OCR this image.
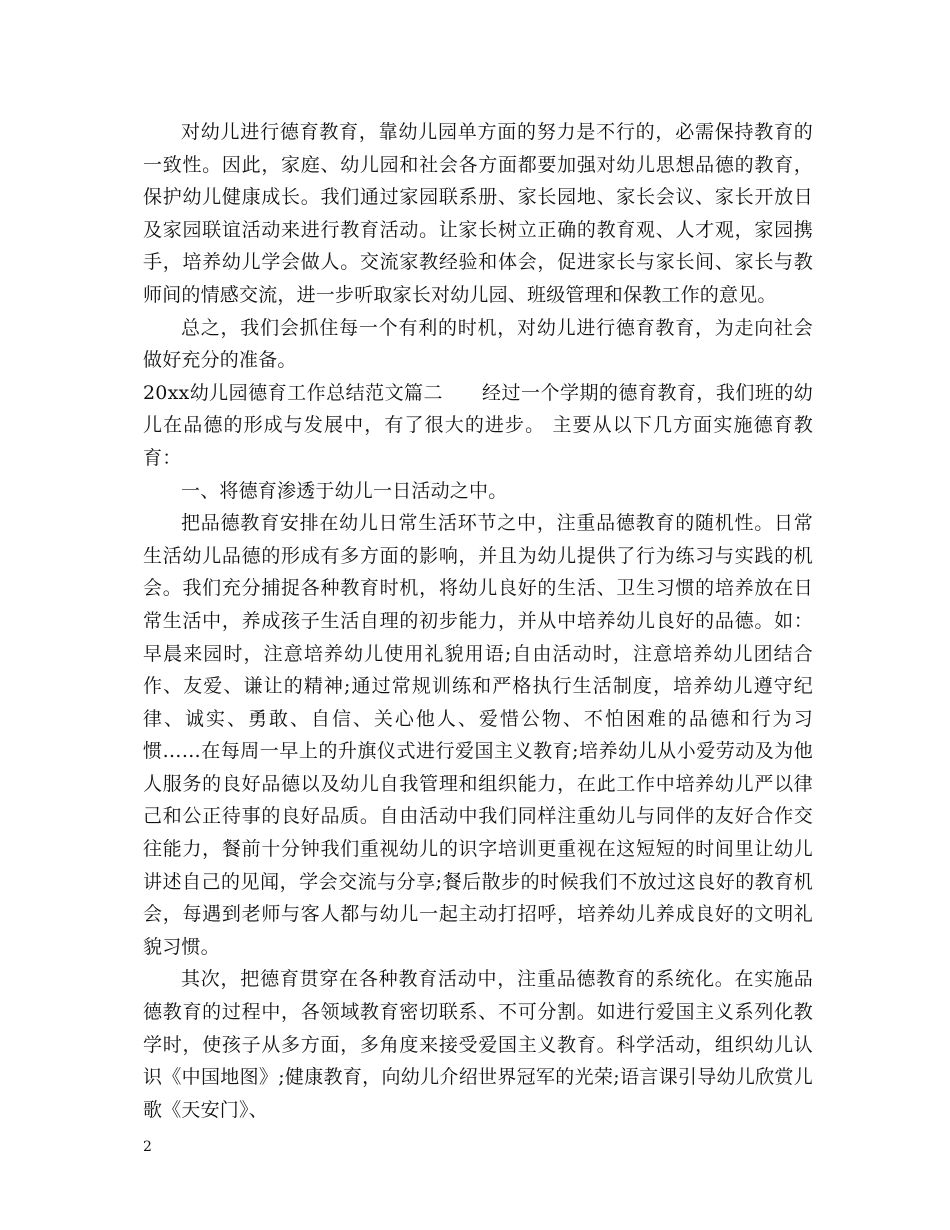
对幼儿进行德育教育，靠幼儿园单方面的努力是不行的，必需保持教育的一致性。因此，家庭、幼儿园和社会各方面都要加强对幼儿思想品德的教育，保护幼儿健康成长。我们通过家园联系册、家长园地、家长会议、家长开放日及家园联谊活动来进行教育活动。让家长树立正确的教育观、人才观，家园携手，培养幼儿学会做人。交流家教经验和体会，促进家长与家长间、家长与教师间的情感交流，进一步听取家长对幼儿园、班级管理和保教工作的意见。

总之，我们会抓住每一个有利的时机，对幼儿进行德育教育，为走向社会做好充分的准备。

20xx幼儿园德育工作总结范文篇二　　经过一个学期的德育教育，我们班的幼儿在品德的形成与发展中，有了很大的进步。 主要从以下几方面实施德育教育：

一、将德育渗透于幼儿一日活动之中。

把品德教育安排在幼儿日常生活环节之中，注重品德教育的随机性。日常生活幼儿品德的形成有多方面的影响，并且为幼儿提供了行为练习与实践的机会。我们充分捕捉各种教育时机，将幼儿良好的生活、卫生习惯的培养放在日常生活中，养成孩子生活自理的初步能力，并从中培养幼儿良好的品德。如：早晨来园时，注意培养幼儿使用礼貌用语;自由活动时，注意培养幼儿团结合作、友爱、谦让的精神;通过常规训练和严格执行生活制度，培养幼儿遵守纪律、诚实、勇敢、自信、关心他人、爱惜公物、不怕困难的品德和行为习惯……在每周一早上的升旗仪式进行爱国主义教育;培养幼儿从小爱劳动及为他人服务的良好品德以及幼儿自我管理和组织能力，在此工作中培养幼儿严以律己和公正待事的良好品质。自由活动中我们同样注重幼儿与同伴的友好合作交往能力，餐前十分钟我们重视幼儿的识字培训更重视在这短短的时间里让幼儿讲述自己的见闻，学会交流与分享;餐后散步的时候我们不放过这良好的教育机会，每遇到老师与客人都与幼儿一起主动打招呼，培养幼儿养成良好的文明礼貌习惯。

其次，把德育贯穿在各种教育活动中，注重品德教育的系统化。在实施品德教育的过程中，各领域教育密切联系、不可分割。如进行爱国主义系列化教学时，使孩子从多方面，多角度来接受爱国主义教育。科学活动，组织幼儿认识《中国地图》;健康教育，向幼儿介绍世界冠军的光荣;语言课引导幼儿欣赏儿歌《天安门》、

2
